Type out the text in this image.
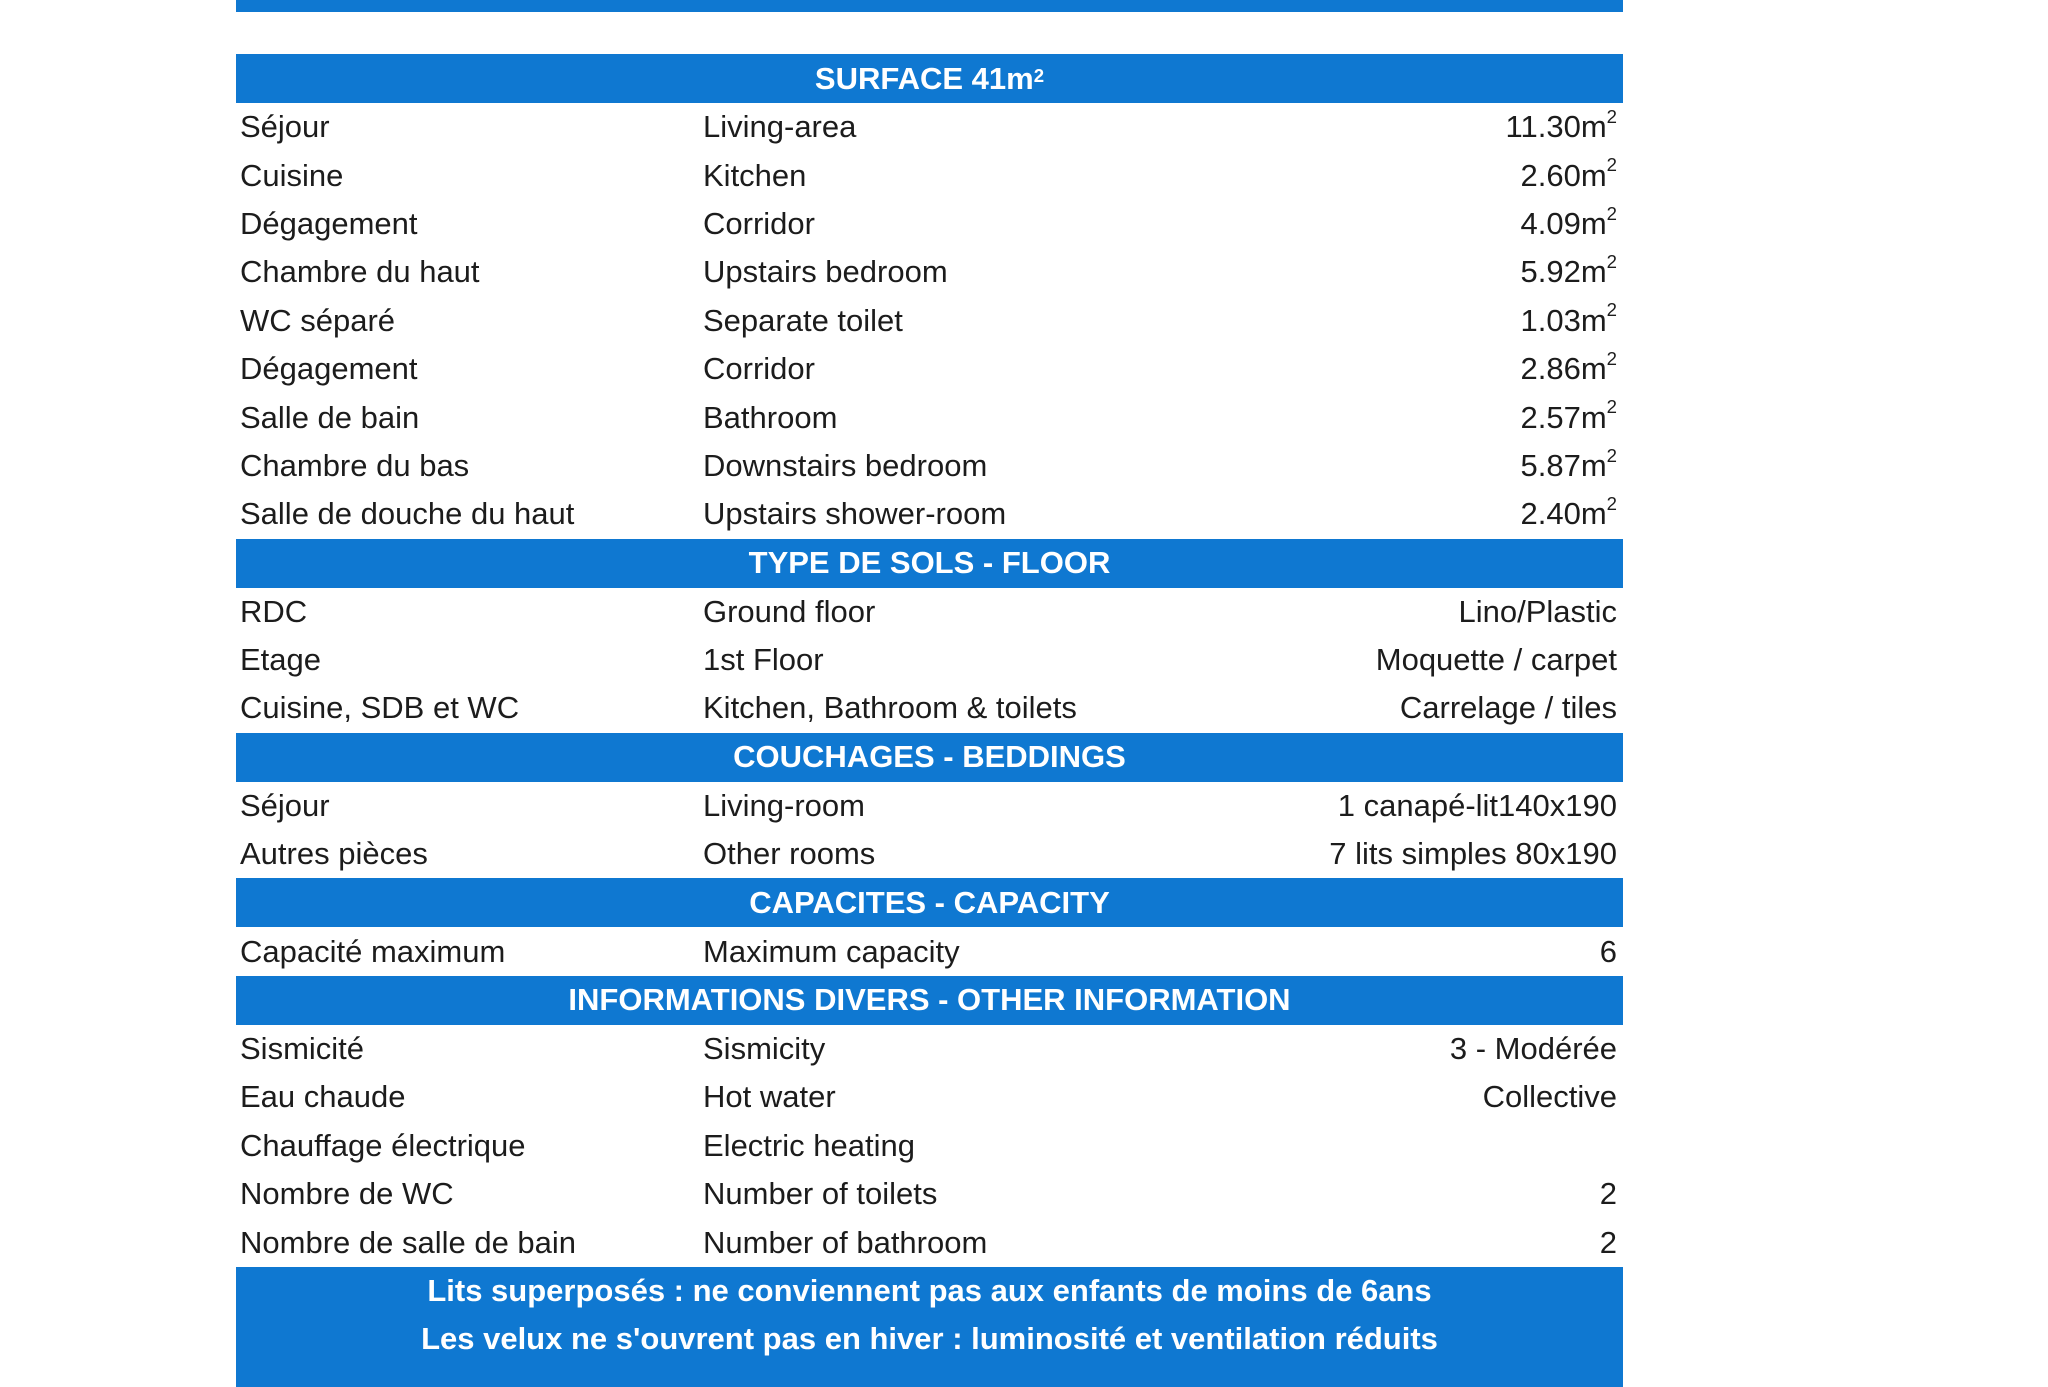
SURFACE 41m 2
Séjour	Living-area	$11.30m^2$
Cuisine	Kitchen	$2.60m^2$
Dégagement	Corridor	$4.09m^2$
Chambre du haut	Upstairs bedroom	$5.92m^2$
WC séparé	Separate toilet	$1.03m^2$
Dégagement	Corridor	$2.86m^2$
Salle de bain	Bathroom	$2.57m^2$
Chambre du bas	Downstairs bedroom	$5.87m^2$
Salle de douche du haut	Upstairs shower-room	$2.40m^2$
TYPE DE SOLS - FLOOR
RDC	Ground floor	Lino/Plastic
Etage	1st Floor	Moquette / carpet
Cuisine, SDB et WC	Kitchen, Bathroom & toilets	Carrelage / tiles
COUCHAGES - BEDDINGS
Séjour	Living-room	1 canapé-lit140x190
Autres pièces	Other rooms	7 lits simples 80x190
CAPACITES - CAPACITY
Capacité maximum	Maximum capacity	6
INFORMATIONS DIVERS - OTHER INFORMATION
Sismicité	Sismicity	3 - Modérée
Eau chaude	Hot water	Collective
Chauffage électrique	Electric heating
Nombre de WC	Number of toilets	2
Nombre de salle de bain	Number of bathroom	2
Lits superposés : ne conviennent pas aux enfants de moins de 6ans
Les velux ne s'ouvrent pas en hiver : luminosité et ventilation réduits
